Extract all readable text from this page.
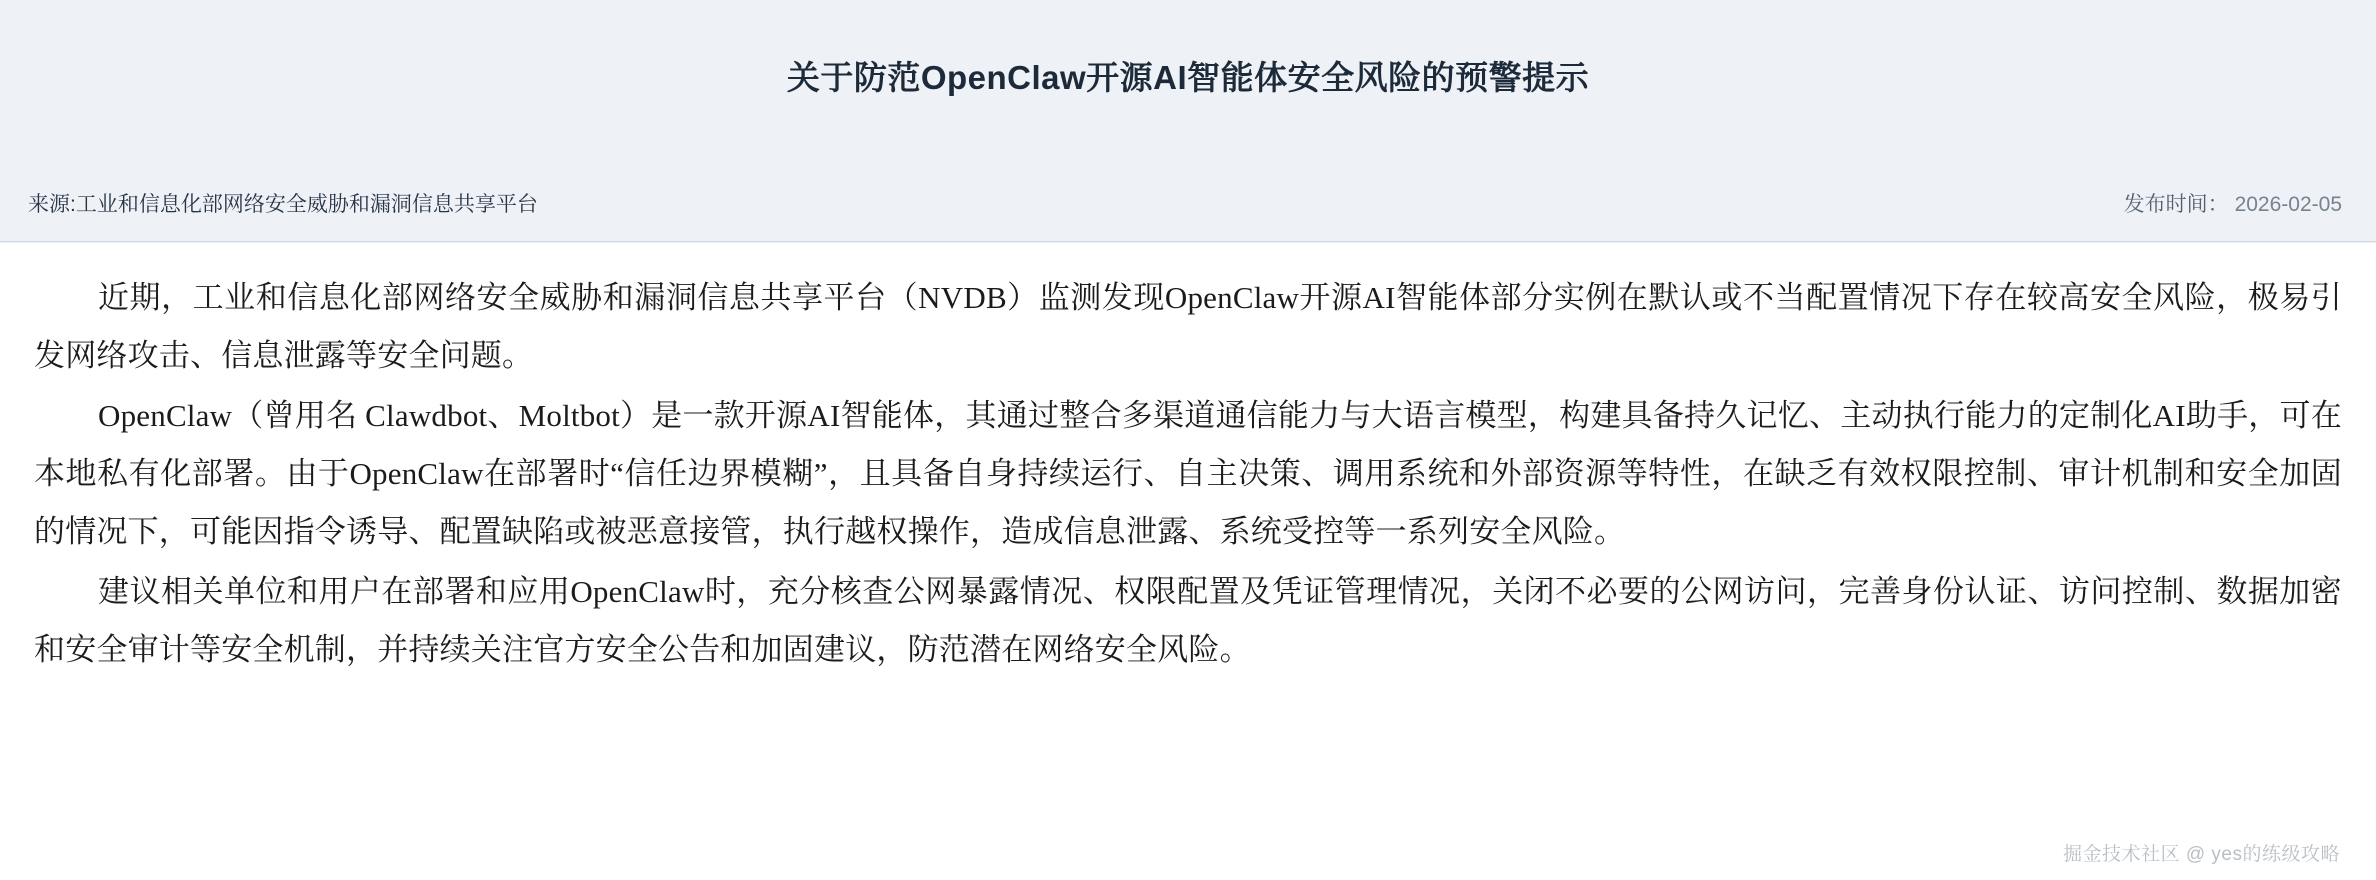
关于防范OpenClaw开源AI智能体安全风险的预警提示
来源:工业和信息化部网络安全威胁和漏洞信息共享平台	发布时间： 2026-02-05

近期，工业和信息化部网络安全威胁和漏洞信息共享平台（NVDB）监测发现OpenClaw开源AI智能体部分实例在默认或不当配置情况下存在较高安全风险，极易引发网络攻击、信息泄露等安全问题。

OpenClaw（曾用名 Clawdbot、Moltbot）是一款开源AI智能体，其通过整合多渠道通信能力与大语言模型，构建具备持久记忆、主动执行能力的定制化AI助手，可在本地私有化部署。由于OpenClaw在部署时“信任边界模糊”，且具备自身持续运行、自主决策、调用系统和外部资源等特性，在缺乏有效权限控制、审计机制和安全加固的情况下，可能因指令诱导、配置缺陷或被恶意接管，执行越权操作，造成信息泄露、系统受控等一系列安全风险。

建议相关单位和用户在部署和应用OpenClaw时，充分核查公网暴露情况、权限配置及凭证管理情况，关闭不必要的公网访问，完善身份认证、访问控制、数据加密和安全审计等安全机制，并持续关注官方安全公告和加固建议，防范潜在网络安全风险。

掘金技术社区 @ yes的练级攻略
